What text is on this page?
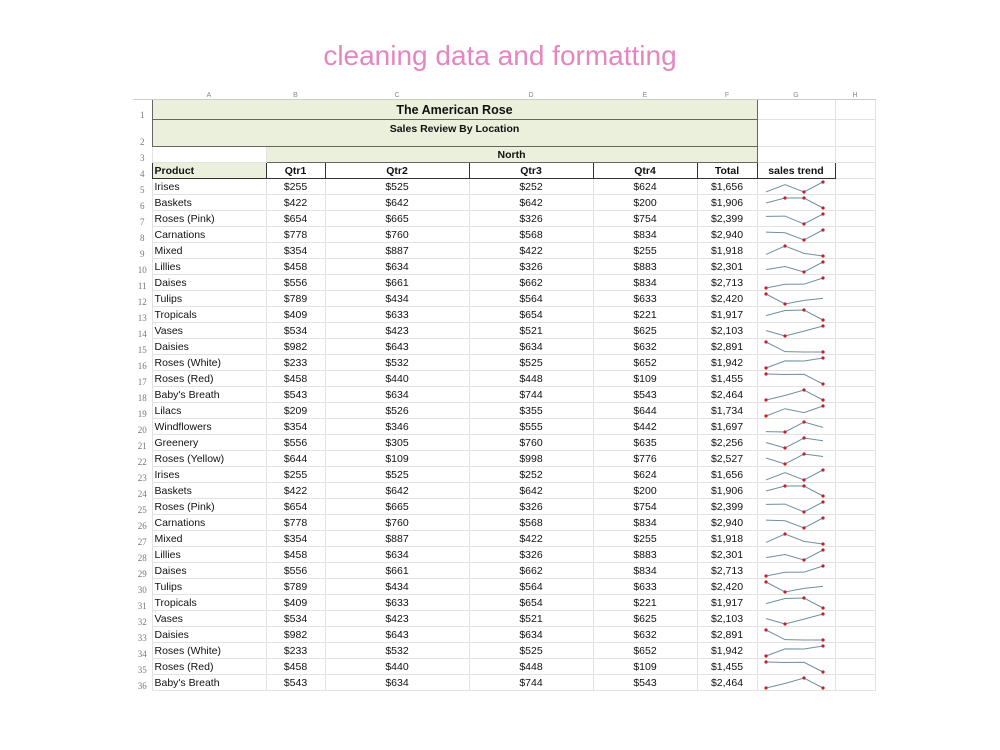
cleaning data and formatting
	A	B	C	D	E	F	G	H
1	The American Rose							
2	Sales Review By Location							
3		North						
4	Product	Qtr1	Qtr2	Qtr3	Qtr4	Total	sales trend	
5	Irises	$255	$525	$252	$624	$1,656	

6	Baskets	$422	$642	$642	$200	$1,906	

7	Roses (Pink)	$654	$665	$326	$754	$2,399	

8	Carnations	$778	$760	$568	$834	$2,940	

9	Mixed	$354	$887	$422	$255	$1,918	

10	Lillies	$458	$634	$326	$883	$2,301	

11	Daises	$556	$661	$662	$834	$2,713	

12	Tulips	$789	$434	$564	$633	$2,420	

13	Tropicals	$409	$633	$654	$221	$1,917	

14	Vases	$534	$423	$521	$625	$2,103	

15	Daisies	$982	$643	$634	$632	$2,891	

16	Roses (White)	$233	$532	$525	$652	$1,942	

17	Roses (Red)	$458	$440	$448	$109	$1,455	

18	Baby's Breath	$543	$634	$744	$543	$2,464	

19	Lilacs	$209	$526	$355	$644	$1,734	

20	Windflowers	$354	$346	$555	$442	$1,697	

21	Greenery	$556	$305	$760	$635	$2,256	

22	Roses (Yellow)	$644	$109	$998	$776	$2,527	

23	Irises	$255	$525	$252	$624	$1,656	

24	Baskets	$422	$642	$642	$200	$1,906	

25	Roses (Pink)	$654	$665	$326	$754	$2,399	

26	Carnations	$778	$760	$568	$834	$2,940	

27	Mixed	$354	$887	$422	$255	$1,918	

28	Lillies	$458	$634	$326	$883	$2,301	

29	Daises	$556	$661	$662	$834	$2,713	

30	Tulips	$789	$434	$564	$633	$2,420	

31	Tropicals	$409	$633	$654	$221	$1,917	

32	Vases	$534	$423	$521	$625	$2,103	

33	Daisies	$982	$643	$634	$632	$2,891	

34	Roses (White)	$233	$532	$525	$652	$1,942	

35	Roses (Red)	$458	$440	$448	$109	$1,455	

36	Baby's Breath	$543	$634	$744	$543	$2,464	
